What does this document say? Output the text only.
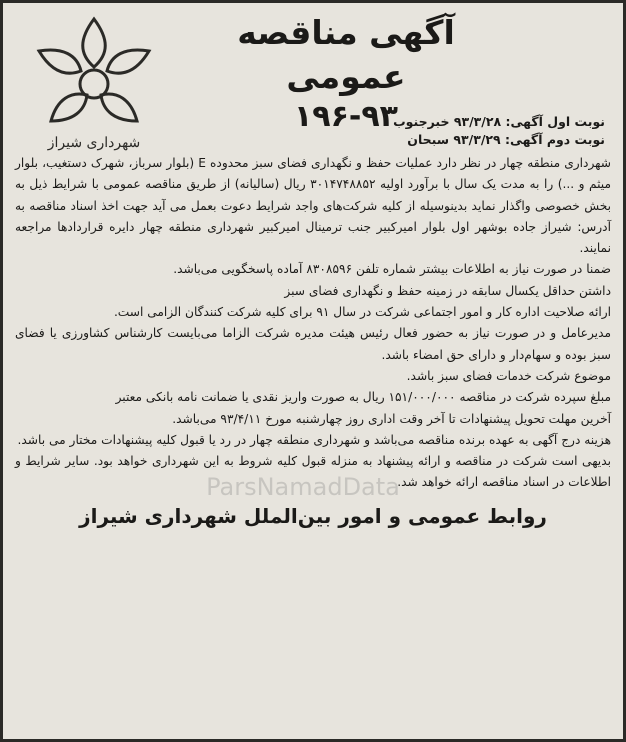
شهرداری شیراز
آگهی مناقصه عمومی
۱۹۶-۹۳
نوبت اول آگهی: ۹۳/۳/۲۸ خبرجنوب
نوبت دوم آگهی: ۹۳/۳/۲۹ سبحان

شهرداری منطقه چهار در نظر دارد عملیات حفظ و نگهداری فضای سبز محدوده E (بلوار سرباز، شهرک دستغیب، بلوار میثم و ...) را به مدت یک سال با برآورد اولیه ۳۰۱۴۷۴۸۸۵۲ ریال (سالیانه) از طریق مناقصه عمومی با شرایط ذیل به بخش خصوصی واگذار نماید بدینوسیله از کلیه شرکت‌های واجد شرایط دعوت بعمل می آید جهت اخذ اسناد مناقصه به آدرس: شیراز جاده بوشهر اول بلوار امیرکبیر جنب ترمینال امیرکبیر شهرداری منطقه چهار دایره قراردادها مراجعه نمایند.

ضمنا در صورت نیاز به اطلاعات بیشتر شماره تلفن ۸۳۰۸۵۹۶ آماده پاسخگویی می‌باشد.

داشتن حداقل یکسال سابقه در زمینه حفظ و نگهداری فضای سبز

ارائه صلاحیت اداره کار و امور اجتماعی شرکت در سال ۹۱ برای کلیه شرکت کنندگان الزامی است.

مدیرعامل و در صورت نیاز به حضور فعال رئیس هیئت مدیره شرکت الزاما می‌بایست کارشناس کشاورزی یا فضای سبز بوده و سهام‌دار و دارای حق امضاء باشد.

موضوع شرکت خدمات فضای سبز باشد.

مبلغ سپرده شرکت در مناقصه ۱۵۱/۰۰۰/۰۰۰ ریال به صورت واریز نقدی یا ضمانت نامه بانکی معتبر

آخرین مهلت تحویل پیشنهادات تا آخر وقت اداری روز چهارشنبه مورخ ۹۳/۴/۱۱ می‌باشد.

هزینه درج آگهی به عهده برنده مناقصه می‌باشد و شهرداری منطقه چهار در رد یا قبول کلیه پیشنهادات مختار می باشد.

بدیهی است شرکت در مناقصه و ارائه پیشنهاد به منزله قبول کلیه شروط به این شهرداری خواهد بود. سایر شرایط و اطلاعات در اسناد مناقصه ارائه خواهد شد.

روابط عمومی و امور بین‌الملل شهرداری شیراز
ParsNamadData
